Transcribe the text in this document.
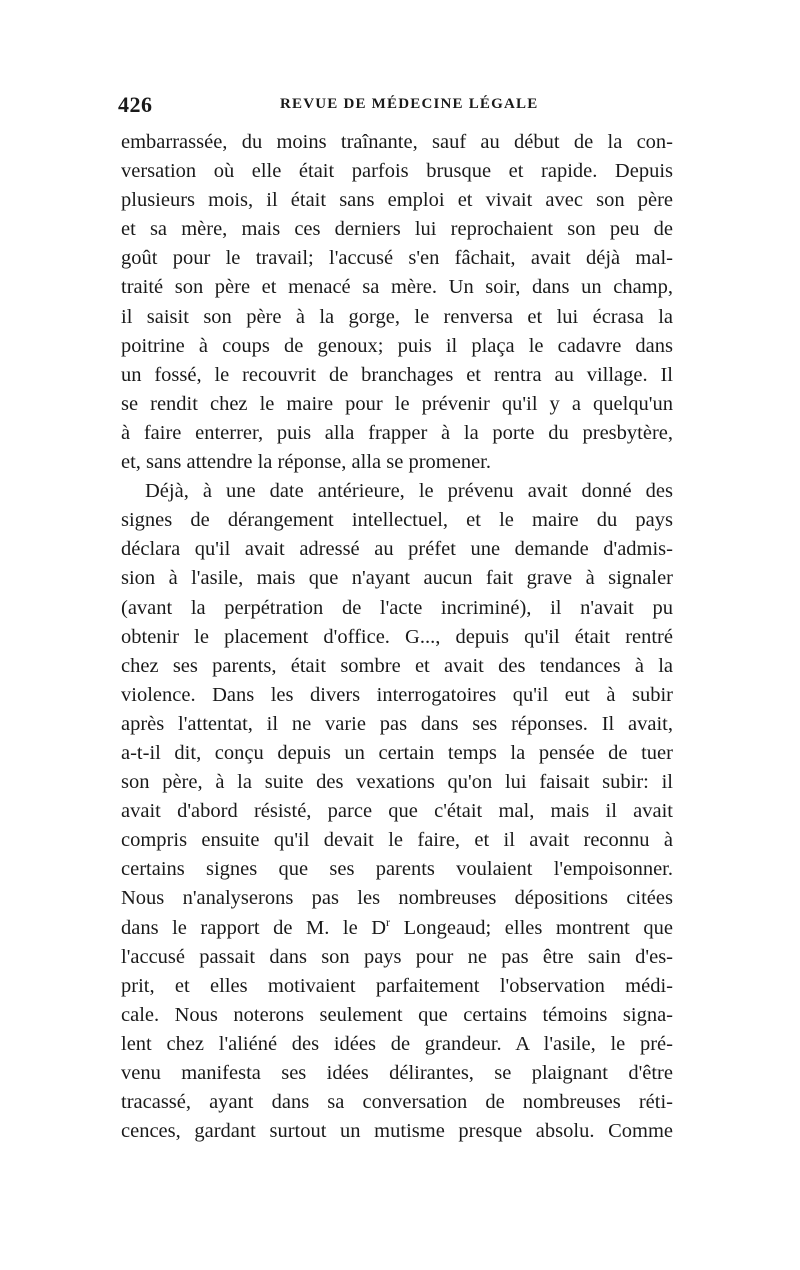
426	REVUE DE MÉDECINE LÉGALE
embarrassée, du moins traînante, sauf au début de la con-
versation où elle était parfois brusque et rapide. Depuis
plusieurs mois, il était sans emploi et vivait avec son père
et sa mère, mais ces derniers lui reprochaient son peu de
goût pour le travail; l'accusé s'en fâchait, avait déjà mal-
traité son père et menacé sa mère. Un soir, dans un champ,
il saisit son père à la gorge, le renversa et lui écrasa la
poitrine à coups de genoux; puis il plaça le cadavre dans
un fossé, le recouvrit de branchages et rentra au village. Il
se rendit chez le maire pour le prévenir qu'il y a quelqu'un
à faire enterrer, puis alla frapper à la porte du presbytère,
et, sans attendre la réponse, alla se promener.
Déjà, à une date antérieure, le prévenu avait donné des
signes de dérangement intellectuel, et le maire du pays
déclara qu'il avait adressé au préfet une demande d'admis-
sion à l'asile, mais que n'ayant aucun fait grave à signaler
(avant la perpétration de l'acte incriminé), il n'avait pu
obtenir le placement d'office. G..., depuis qu'il était rentré
chez ses parents, était sombre et avait des tendances à la
violence. Dans les divers interrogatoires qu'il eut à subir
après l'attentat, il ne varie pas dans ses réponses. Il avait,
a-t-il dit, conçu depuis un certain temps la pensée de tuer
son père, à la suite des vexations qu'on lui faisait subir: il
avait d'abord résisté, parce que c'était mal, mais il avait
compris ensuite qu'il devait le faire, et il avait reconnu à
certains signes que ses parents voulaient l'empoisonner.
Nous n'analyserons pas les nombreuses dépositions citées
dans le rapport de M. le $D^r$ Longeaud; elles montrent que
l'accusé passait dans son pays pour ne pas être sain d'es-
prit, et elles motivaient parfaitement l'observation médi-
cale. Nous noterons seulement que certains témoins signa-
lent chez l'aliéné des idées de grandeur. A l'asile, le pré-
venu manifesta ses idées délirantes, se plaignant d'être
tracassé, ayant dans sa conversation de nombreuses réti-
cences, gardant surtout un mutisme presque absolu. Comme
